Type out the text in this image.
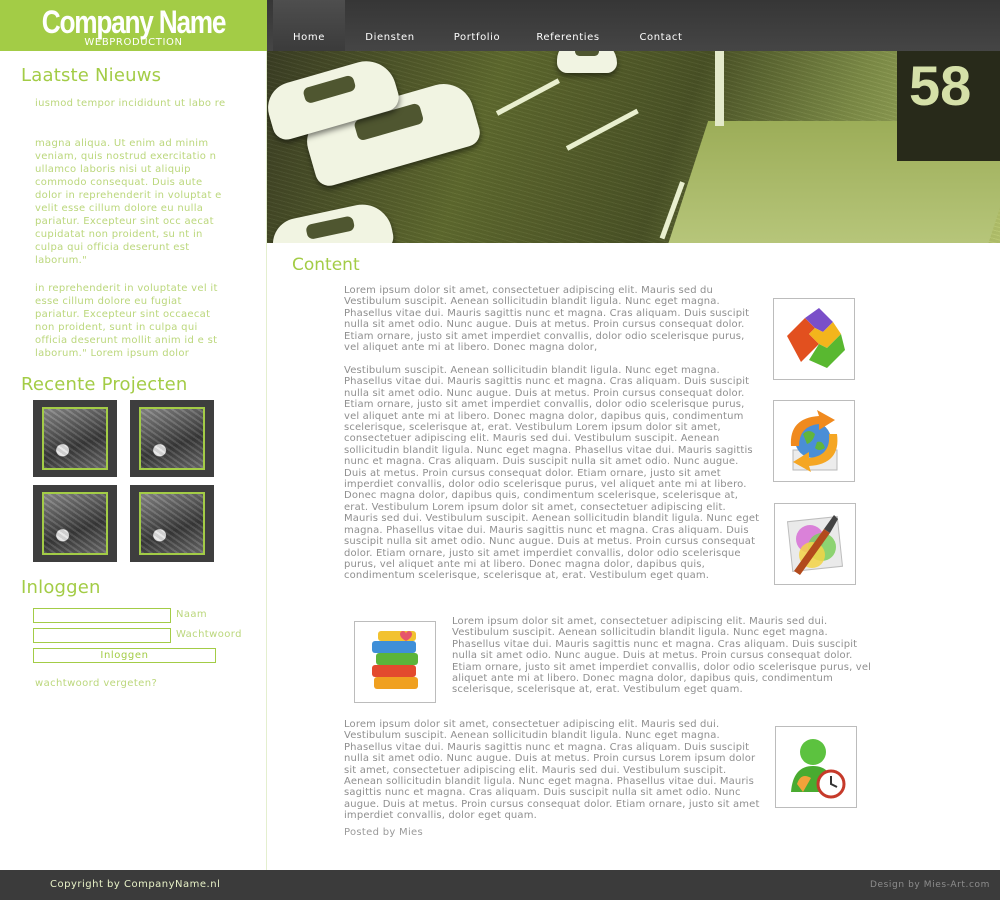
Company Name
WEBPRODUCTION	Home	Diensten	Portfolio	Referenties	Contact
Laatste Nieuws
iusmod tempor incididunt ut labo re
magna aliqua. Ut enim ad minim veniam, quis nostrud exercitatio n ullamco laboris nisi ut aliquip commodo consequat. Duis aute dolor in reprehenderit in voluptat e velit esse cillum dolore eu nulla pariatur. Excepteur sint occ aecat cupidatat non proident, su nt in culpa qui officia deserunt est laborum."
in reprehenderit in voluptate vel it esse cillum dolore eu fugiat pariatur. Excepteur sint occaecat non proident, sunt in culpa qui officia deserunt mollit anim id e st laborum." Lorem ipsum dolor
Recente Projecten
Inloggen
Naam
Wachtwoord
Inloggen
wachtwoord vergeten?
58
Content
Lorem ipsum dolor sit amet, consectetuer adipiscing elit. Mauris sed du Vestibulum suscipit. Aenean sollicitudin blandit ligula. Nunc eget magna. Phasellus vitae dui. Mauris sagittis nunc et magna. Cras aliquam. Duis suscipit nulla sit amet odio. Nunc augue. Duis at metus. Proin cursus consequat dolor. Etiam ornare, justo sit amet imperdiet convallis, dolor odio scelerisque purus, vel aliquet ante mi at libero. Donec magna dolor,
Vestibulum suscipit. Aenean sollicitudin blandit ligula. Nunc eget magna. Phasellus vitae dui. Mauris sagittis nunc et magna. Cras aliquam. Duis suscipit nulla sit amet odio. Nunc augue. Duis at metus. Proin cursus consequat dolor. Etiam ornare, justo sit amet imperdiet convallis, dolor odio scelerisque purus, vel aliquet ante mi at libero. Donec magna dolor, dapibus quis, condimentum scelerisque, scelerisque at, erat. Vestibulum Lorem ipsum dolor sit amet, consectetuer adipiscing elit. Mauris sed dui. Vestibulum suscipit. Aenean sollicitudin blandit ligula. Nunc eget magna. Phasellus vitae dui. Mauris sagittis nunc et magna. Cras aliquam. Duis suscipit nulla sit amet odio. Nunc augue. Duis at metus. Proin cursus consequat dolor. Etiam ornare, justo sit amet imperdiet convallis, dolor odio scelerisque purus, vel aliquet ante mi at libero. Donec magna dolor, dapibus quis, condimentum scelerisque, scelerisque at, erat. Vestibulum Lorem ipsum dolor sit amet, consectetuer adipiscing elit. Mauris sed dui. Vestibulum suscipit. Aenean sollicitudin blandit ligula. Nunc eget magna. Phasellus vitae dui. Mauris sagittis nunc et magna. Cras aliquam. Duis suscipit nulla sit amet odio. Nunc augue. Duis at metus. Proin cursus consequat dolor. Etiam ornare, justo sit amet imperdiet convallis, dolor odio scelerisque purus, vel aliquet ante mi at libero. Donec magna dolor, dapibus quis, condimentum scelerisque, scelerisque at, erat. Vestibulum eget quam.
Lorem ipsum dolor sit amet, consectetuer adipiscing elit. Mauris sed dui. Vestibulum suscipit. Aenean sollicitudin blandit ligula. Nunc eget magna. Phasellus vitae dui. Mauris sagittis nunc et magna. Cras aliquam. Duis suscipit nulla sit amet odio. Nunc augue. Duis at metus. Proin cursus consequat dolor. Etiam ornare, justo sit amet imperdiet convallis, dolor odio scelerisque purus, vel aliquet ante mi at libero. Donec magna dolor, dapibus quis, condimentum scelerisque, scelerisque at, erat. Vestibulum eget quam.
Lorem ipsum dolor sit amet, consectetuer adipiscing elit. Mauris sed dui. Vestibulum suscipit. Aenean sollicitudin blandit ligula. Nunc eget magna. Phasellus vitae dui. Mauris sagittis nunc et magna. Cras aliquam. Duis suscipit nulla sit amet odio. Nunc augue. Duis at metus. Proin cursus Lorem ipsum dolor sit amet, consectetuer adipiscing elit. Mauris sed dui. Vestibulum suscipit. Aenean sollicitudin blandit ligula. Nunc eget magna. Phasellus vitae dui. Mauris sagittis nunc et magna. Cras aliquam. Duis suscipit nulla sit amet odio. Nunc augue. Duis at metus. Proin cursus consequat dolor. Etiam ornare, justo sit amet imperdiet convallis, dolor eget quam.
Posted by Mies
Copyright by CompanyName.nl	Design by Mies-Art.com
